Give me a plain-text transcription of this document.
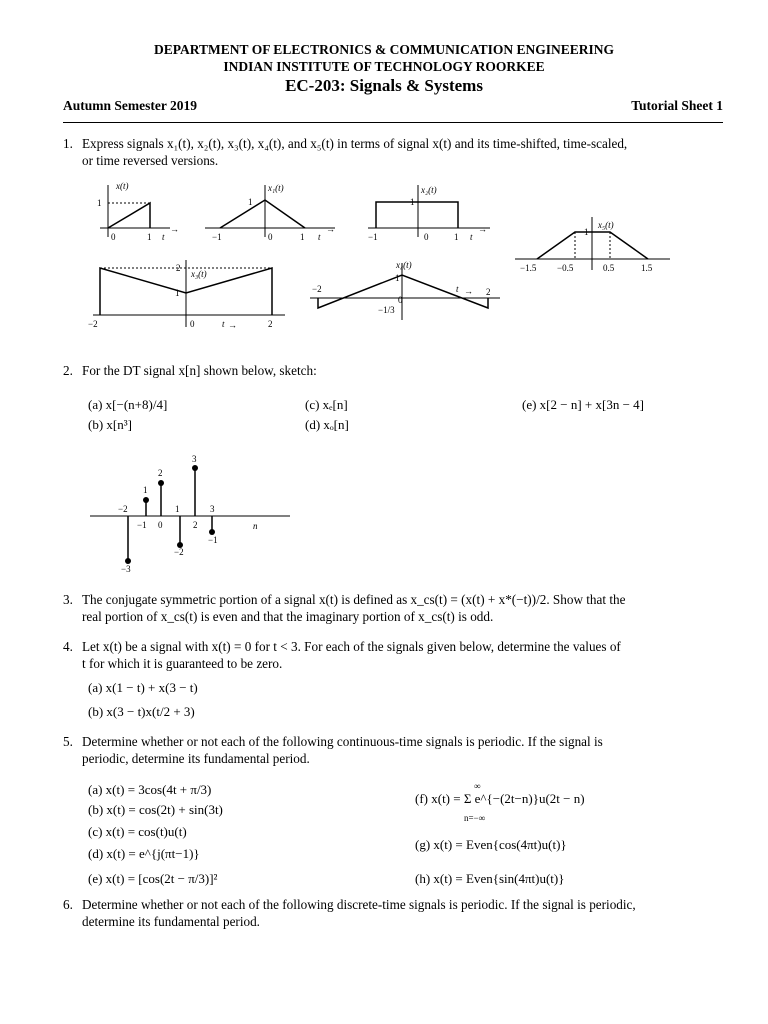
DEPARTMENT OF ELECTRONICS & COMMUNICATION ENGINEERING
INDIAN INSTITUTE OF TECHNOLOGY ROORKEE
EC-203: Signals & Systems
Autumn Semester 2019	Tutorial Sheet 1
1. Express signals x₁(t), x₂(t), x₃(t), x₄(t), and x₅(t) in terms of signal x(t) and its time-shifted, time-scaled,
or time reversed versions.
x(t)
1
0	1 t
x₁(t)
1
−1	0	1 t
x₂(t)
1
−1	0	1 t
x₅(t)
1
−1.5 −0.5	0.5	1.5
x₃(t)
2
1
−2	0	t	2
x₄(t)
1
−2
0
t	2
−1/3
→	→	→
→
→
2. For the DT signal x[n] shown below, sketch:
(a) x[−(n+8)/4]
(b) x[n³]
(c) xₑ[n]
(d) xₒ[n]
(e) x[2 − n] + x[3n − 4]
−2
−1 0
1
2
3
1
2
3
−1
−2
−3
n
3. The conjugate symmetric portion of a signal x(t) is defined as x_cs(t) = (x(t) + x*(−t))/2. Show that the
real portion of x_cs(t) is even and that the imaginary portion of x_cs(t) is odd.
4. Let x(t) be a signal with x(t) = 0 for t < 3. For each of the signals given below, determine the values of
t for which it is guaranteed to be zero.
(a) x(1 − t) + x(3 − t)
(b) x(3 − t)x(t/2 + 3)
5. Determine whether or not each of the following continuous-time signals is periodic. If the signal is
periodic, determine its fundamental period.
(a) x(t) = 3cos(4t + π/3)
(b) x(t) = cos(2t) + sin(3t)
(c) x(t) = cos(t)u(t)
(d) x(t) = e^{j(πt−1)}
(e) x(t) = [cos(2t − π/3)]²
∞
(f) x(t) = Σ e^{−(2t−n)}u(2t − n)
n=−∞
(g) x(t) = Even{cos(4πt)u(t)}
(h) x(t) = Even{sin(4πt)u(t)}
6. Determine whether or not each of the following discrete-time signals is periodic. If the signal is periodic,
determine its fundamental period.
